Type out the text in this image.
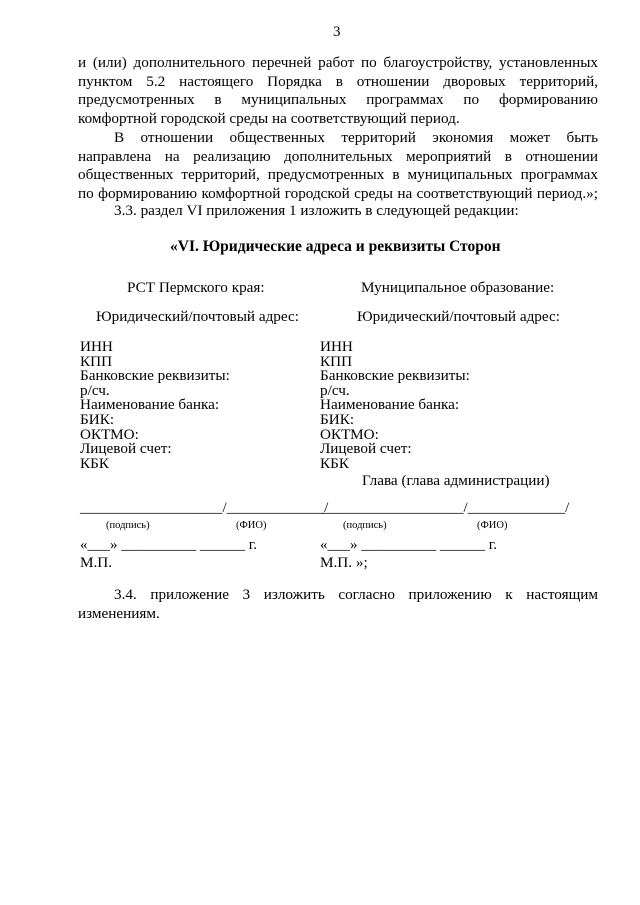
3
и (или) дополнительного перечней работ по благоустройству, установленных
пунктом 5.2 настоящего Порядка в отношении дворовых территорий,
предусмотренных в муниципальных программах по формированию
комфортной городской среды на соответствующий период.
В отношении общественных территорий экономия может быть
направлена на реализацию дополнительных мероприятий в отношении
общественных территорий, предусмотренных в муниципальных программах
по формированию комфортной городской среды на соответствующий период.»;
3.3. раздел VI приложения 1 изложить в следующей редакции:
«VI. Юридические адреса и реквизиты Сторон
РСТ Пермского края:
Юридический/почтовый адрес:
ИНН
КПП
Банковские реквизиты:
р/сч.
Наименование банка:
БИК:
ОКТМО:
Лицевой счет:
КБК
___________________/_____________/
(подпись)	(ФИО)
«___» __________ ______ г.
М.П.
Муниципальное образование:
Юридический/почтовый адрес:
ИНН
КПП
Банковские реквизиты:
р/сч.
Наименование банка:
БИК:
ОКТМО:
Лицевой счет:
КБК
Глава (глава администрации)
___________________/_____________/
(подпись)	(ФИО)
«___» __________ ______ г.
М.П. »;
3.4. приложение 3 изложить согласно приложению к настоящим
изменениям.
